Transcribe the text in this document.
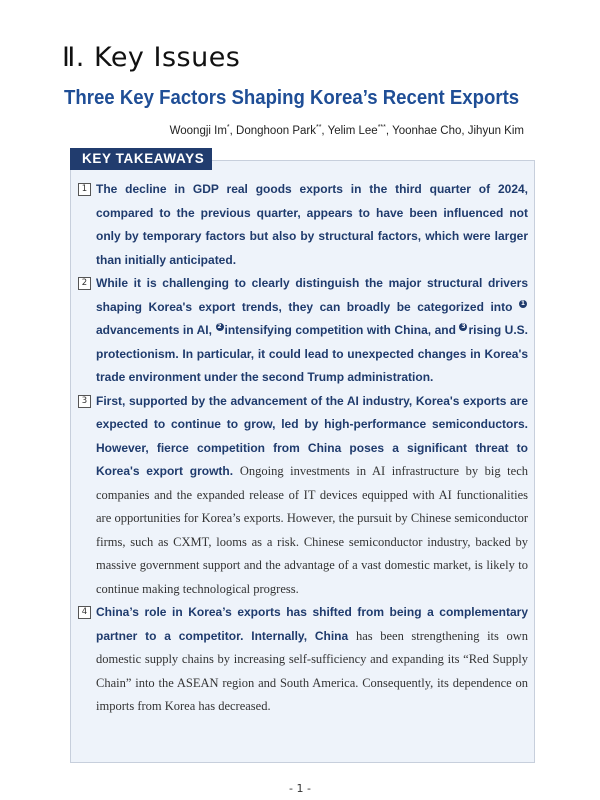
Ⅱ. Key Issues
Three Key Factors Shaping Korea’s Recent Exports
Woongji Im*, Donghoon Park**, Yelim Lee***, Yoonhae Cho, Jihyun Kim
KEY TAKEAWAYS
1 The decline in GDP real goods exports in the third quarter of 2024, compared to the previous quarter, appears to have been influenced not only by temporary factors but also by structural factors, which were larger than initially anticipated.
2 While it is challenging to clearly distinguish the major structural drivers shaping Korea's export trends, they can broadly be categorized into 1advancements in AI, 2 intensifying competition with China, and 3 rising U.S. protectionism. In particular, it could lead to unexpected changes in Korea's trade environment under the second Trump administration.
3 First, supported by the advancement of the AI industry, Korea's exports are expected to continue to grow, led by high-performance semiconductors. However, fierce competition from China poses a significant threat to Korea's export growth. Ongoing investments in AI infrastructure by big tech companies and the expanded release of IT devices equipped with AI functionalities are opportunities for Korea’s exports. However, the pursuit by Chinese semiconductor firms, such as CXMT, looms as a risk. Chinese semiconductor industry, backed by massive government support and the advantage of a vast domestic market, is likely to continue making technological progress.
4 China’s role in Korea’s exports has shifted from being a complementary partner to a competitor. Internally, China has been strengthening its own domestic supply chains by increasing self-sufficiency and expanding its “Red Supply Chain” into the ASEAN region and South America. Consequently, its dependence on imports from Korea has decreased.
- 1 -
